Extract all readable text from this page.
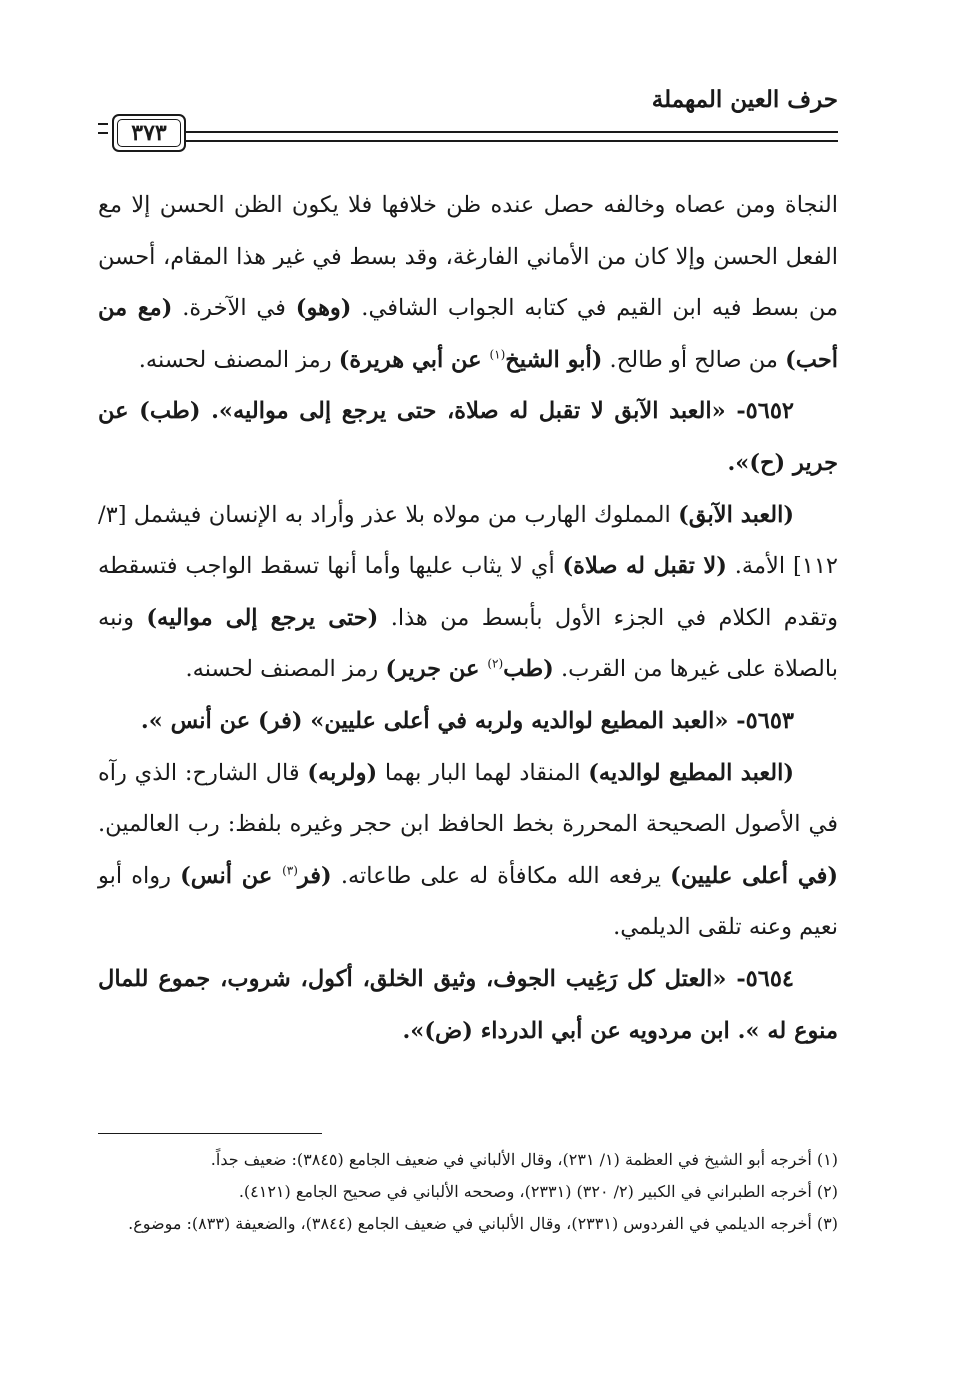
حرف العين المهملة
٣٧٣

النجاة ومن عصاه وخالفه حصل عنده ظن خلافها فلا يكون الظن الحسن إلا مع الفعل الحسن وإلا كان من الأماني الفارغة، وقد بسط في غير هذا المقام، أحسن من بسط فيه ابن القيم في كتابه الجواب الشافي. (وهو) في الآخرة. (مع من أحب) من صالح أو طالح. (أبو الشيخ$^{(١)}$ عن أبي هريرة) رمز المصنف لحسنه.

٥٦٥٢- «العبد الآبق لا تقبل له صلاة، حتى يرجع إلى مواليه». (طب) عن جرير (ح)».

(العبد الآبق) المملوك الهارب من مولاه بلا عذر وأراد به الإنسان فيشمل [٣/ ١١٢] الأمة. (لا تقبل له صلاة) أي لا يثاب عليها وأما أنها تسقط الواجب فتسقطه وتقدم الكلام في الجزء الأول بأبسط من هذا. (حتى يرجع إلى مواليه) ونبه بالصلاة على غيرها من القرب. (طب$^{(٢)}$ عن جرير) رمز المصنف لحسنه.

٥٦٥٣- «العبد المطيع لوالديه ولربه في أعلى عليين» (فر) عن أنس ».

(العبد المطيع لوالديه) المنقاد لهما البار بهما (ولربه) قال الشارح: الذي رآه في الأصول الصحيحة المحررة بخط الحافظ ابن حجر وغيره بلفظ: رب العالمين. (في أعلى عليين) يرفعه الله مكافأة له على طاعاته. (فر$^{(٣)}$ عن أنس) رواه أبو نعيم وعنه تلقى الديلمي.

٥٦٥٤- «العتل كل رَغِيب الجوف، وثيق الخلق، أكول، شروب، جموع للمال منوع له ». ابن مردويه عن أبي الدرداء (ض)».

(١) أخرجه أبو الشيخ في العظمة (١/ ٢٣١)، وقال الألباني في ضعيف الجامع (٣٨٤٥): ضعيف جداً.

(٢) أخرجه الطبراني في الكبير (٢/ ٣٢٠) (٢٣٣١)، وصححه الألباني في صحيح الجامع (٤١٢١).

(٣) أخرجه الديلمي في الفردوس (٢٣٣١)، وقال الألباني في ضعيف الجامع (٣٨٤٤)، والضعيفة (٨٣٣): موضوع.
